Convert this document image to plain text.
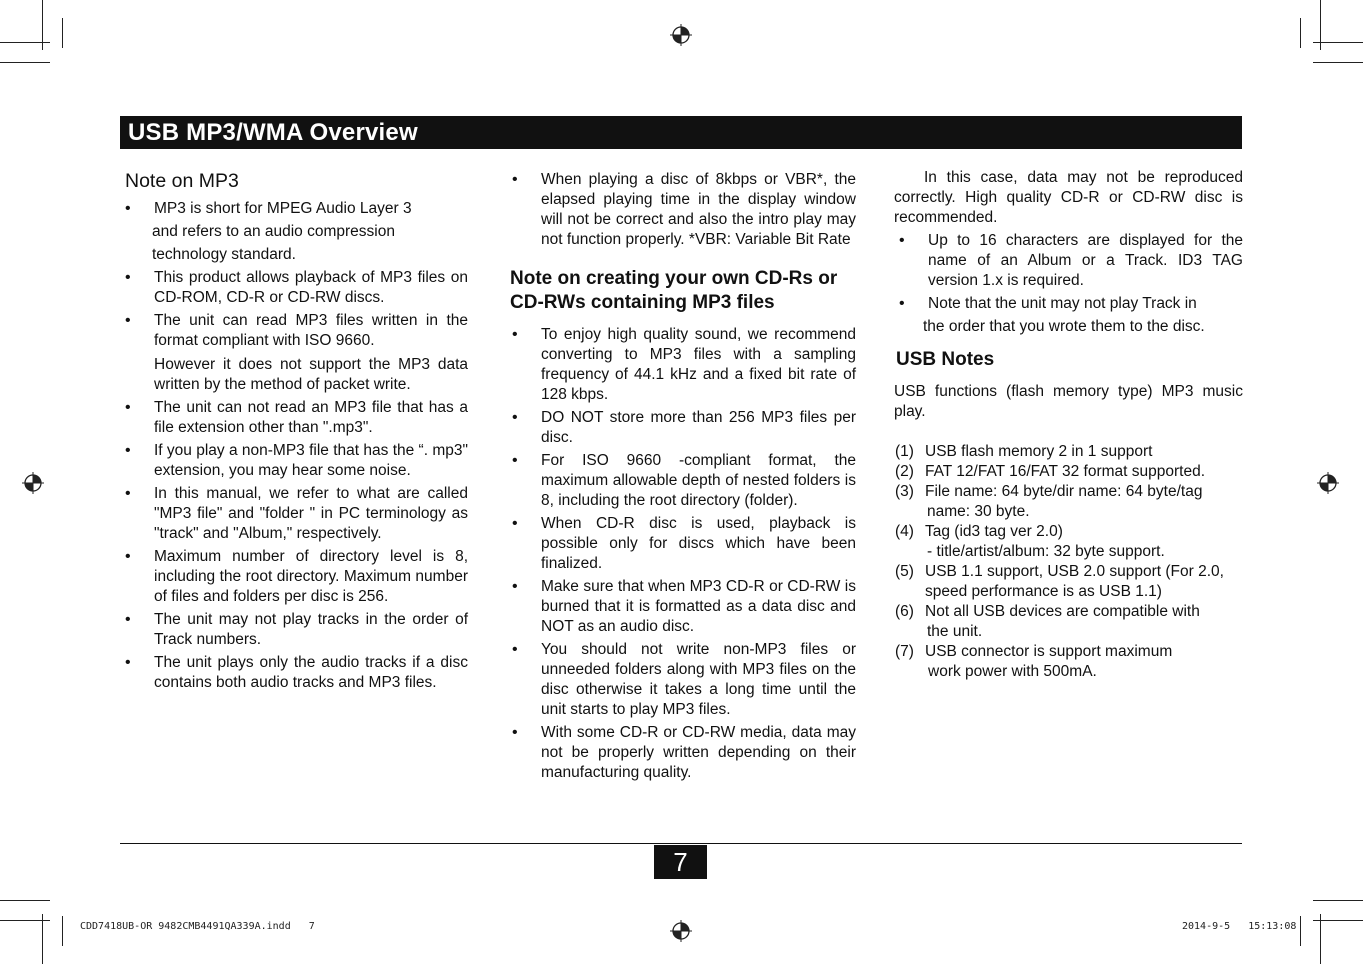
USB MP3/WMA Overview
Note on MP3
• MP3 is short for MPEG Audio Layer 3
and refers to an audio compression
technology standard.
• This product allows playback of MP3 files on CD-ROM, CD-R or CD-RW discs.
• The unit can read MP3 files written in the format compliant with ISO 9660.
However it does not support the MP3 data written by the method of packet write.
• The unit can not read an MP3 file that has a file extension other than ".mp3".
• If you play a non-MP3 file that has the “. mp3" extension, you may hear some noise.
• In this manual, we refer to what are called "MP3 file" and "folder " in PC terminology as "track" and "Album," respectively.
• Maximum number of directory level is 8, including the root directory. Maximum number of files and folders per disc is 256.
• The unit may not play tracks in the order of Track numbers.
• The unit plays only the audio tracks if a disc contains both audio tracks and MP3 files.
• When playing a disc of 8kbps or VBR*, the elapsed playing time in the display window will not be correct and also the intro play may not function properly. *VBR: Variable Bit Rate
Note on creating your own CD-Rs or CD-RWs containing MP3 files
• To enjoy high quality sound, we recommend converting to MP3 files with a sampling frequency of 44.1 kHz and a fixed bit rate of 128 kbps.
• DO NOT store more than 256 MP3 files per disc.
• For ISO 9660 -compliant format, the maximum allowable depth of nested folders is 8, including the root directory (folder).
• When CD-R disc is used, playback is possible only for discs which have been finalized.
• Make sure that when MP3 CD-R or CD-RW is burned that it is formatted as a data disc and NOT as an audio disc.
• You should not write non-MP3 files or unneeded folders along with MP3 files on the disc otherwise it takes a long time until the unit starts to play MP3 files.
• With some CD-R or CD-RW media, data may not be properly written depending on their manufacturing quality.
In this case, data may not be reproduced correctly. High quality CD-R or CD-RW disc is recommended.
• Up to 16 characters are displayed for the name of an Album or a Track. ID3 TAG version 1.x is required.
• Note that the unit may not play Track in
the order that you wrote them to the disc.
USB Notes
USB functions (flash memory type) MP3 music play.
(1) USB flash memory 2 in 1 support
(2) FAT 12/FAT 16/FAT 32 format supported.
(3) File name: 64 byte/dir name: 64 byte/tag
name: 30 byte.
(4) Tag (id3 tag ver 2.0)
- title/artist/album: 32 byte support.
(5) USB 1.1 support, USB 2.0 support (For 2.0,
speed performance is as USB 1.1)
(6) Not all USB devices are compatible with
the unit.
(7) USB connector is support maximum
work power with 500mA.
7
CDD7418UB-OR 9482CMB4491QA339A.indd   7	2014-9-5   15:13:08
